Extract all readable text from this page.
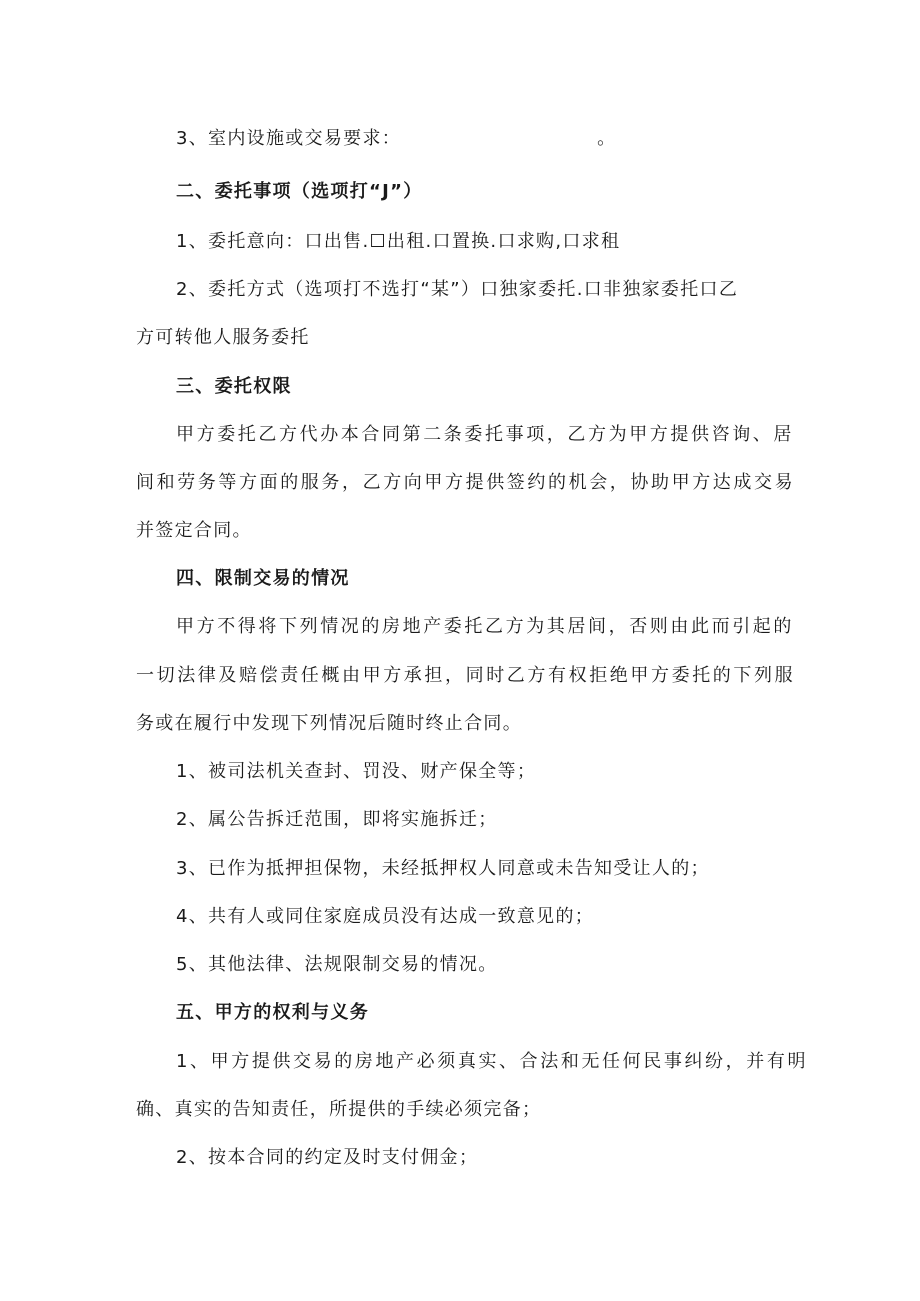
3、室内设施或交易要求：	。
二、委托事项（选项打“J”）
1、委托意向：口出售.☐出租.口置换.口求购,口求租
2、委托方式（选项打不选打“某”）口独家委托.口非独家委托口乙
方可转他人服务委托
三、委托权限
甲方委托乙方代办本合同第二条委托事项，乙方为甲方提供咨询、居
间和劳务等方面的服务，乙方向甲方提供签约的机会，协助甲方达成交易
并签定合同。
四、限制交易的情况
甲方不得将下列情况的房地产委托乙方为其居间，否则由此而引起的
一切法律及赔偿责任概由甲方承担，同时乙方有权拒绝甲方委托的下列服
务或在履行中发现下列情况后随时终止合同。
1、被司法机关查封、罚没、财产保全等；
2、属公告拆迁范围，即将实施拆迁；
3、已作为抵押担保物，未经抵押权人同意或未告知受让人的；
4、共有人或同住家庭成员没有达成一致意见的；
5、其他法律、法规限制交易的情况。
五、甲方的权利与义务
1、甲方提供交易的房地产必须真实、合法和无任何民事纠纷，并有明
确、真实的告知责任，所提供的手续必须完备；
2、按本合同的约定及时支付佣金；
